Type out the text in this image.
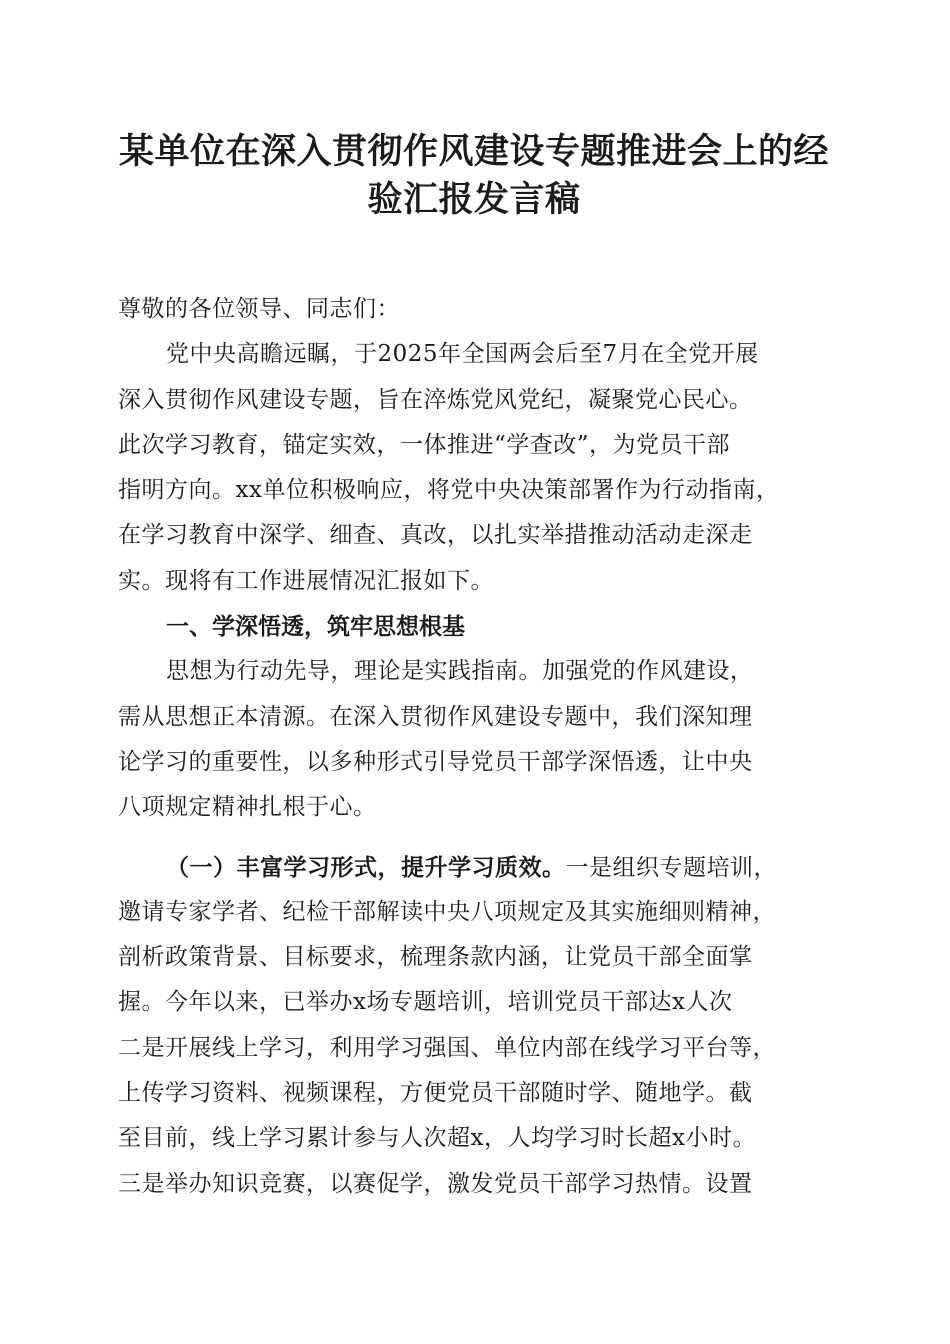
某单位在深入贯彻作风建设专题推进会上的经
验汇报发言稿
尊敬的各位领导、同志们：
党中央高瞻远瞩，于2025年全国两会后至7月在全党开展
深入贯彻作风建设专题，旨在淬炼党风党纪，凝聚党心民心。
此次学习教育，锚定实效，一体推进“学查改”，为党员干部
指明方向。xx单位积极响应，将党中央决策部署作为行动指南，
在学习教育中深学、细查、真改，以扎实举措推动活动走深走
实。现将有工作进展情况汇报如下。
一、学深悟透，筑牢思想根基
思想为行动先导，理论是实践指南。加强党的作风建设，
需从思想正本清源。在深入贯彻作风建设专题中，我们深知理
论学习的重要性，以多种形式引导党员干部学深悟透，让中央
八项规定精神扎根于心。
（一）丰富学习形式，提升学习质效。一是组织专题培训，
邀请专家学者、纪检干部解读中央八项规定及其实施细则精神，
剖析政策背景、目标要求，梳理条款内涵，让党员干部全面掌
握。今年以来，已举办x场专题培训，培训党员干部达x人次
二是开展线上学习，利用学习强国、单位内部在线学习平台等，
上传学习资料、视频课程，方便党员干部随时学、随地学。截
至目前，线上学习累计参与人次超x，人均学习时长超x小时。
三是举办知识竞赛，以赛促学，激发党员干部学习热情。设置
